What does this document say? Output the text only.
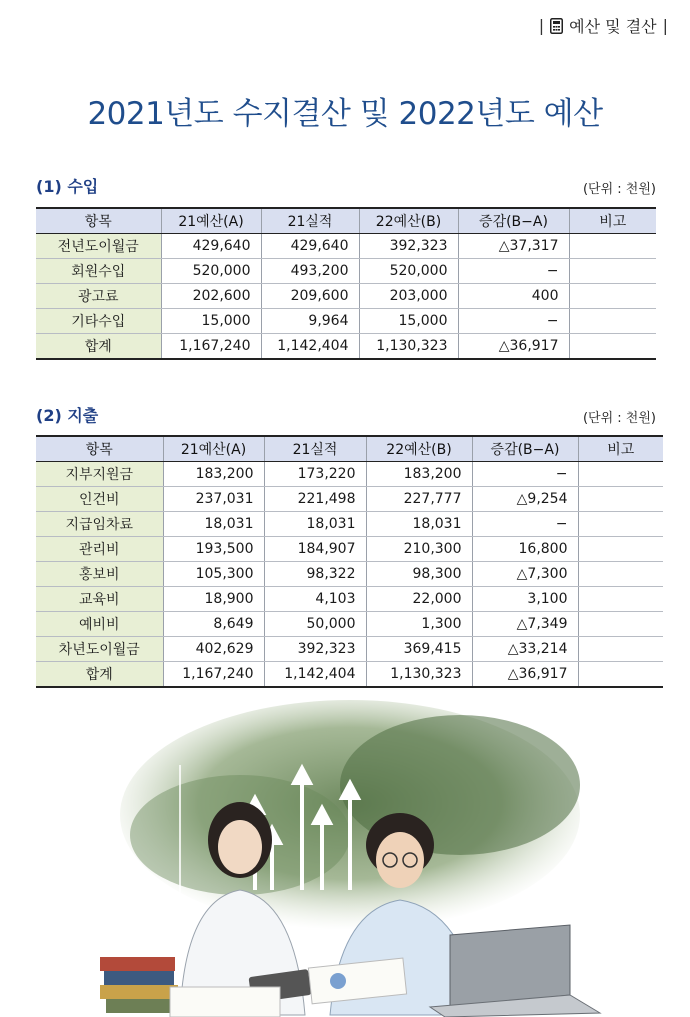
| 예산 및 결산 |
2021년도 수지결산 및 2022년도 예산
(1) 수입	(단위 : 천원)
항목	21예산(A)	21실적	22예산(B)	증감(B−A)	비고
전년도이월금	429,640	429,640	392,323	△37,317	
회원수입	520,000	493,200	520,000	−	
광고료	202,600	209,600	203,000	400	
기타수입	15,000	9,964	15,000	−	
합계	1,167,240	1,142,404	1,130,323	△36,917	
(2) 지출	(단위 : 천원)
항목	21예산(A)	21실적	22예산(B)	증감(B−A)	비고
지부지원금	183,200	173,220	183,200	−	
인건비	237,031	221,498	227,777	△9,254	
지급임차료	18,031	18,031	18,031	−	
관리비	193,500	184,907	210,300	16,800	
홍보비	105,300	98,322	98,300	△7,300	
교육비	18,900	4,103	22,000	3,100	
예비비	8,649	50,000	1,300	△7,349	
차년도이월금	402,629	392,323	369,415	△33,214	
합계	1,167,240	1,142,404	1,130,323	△36,917	
